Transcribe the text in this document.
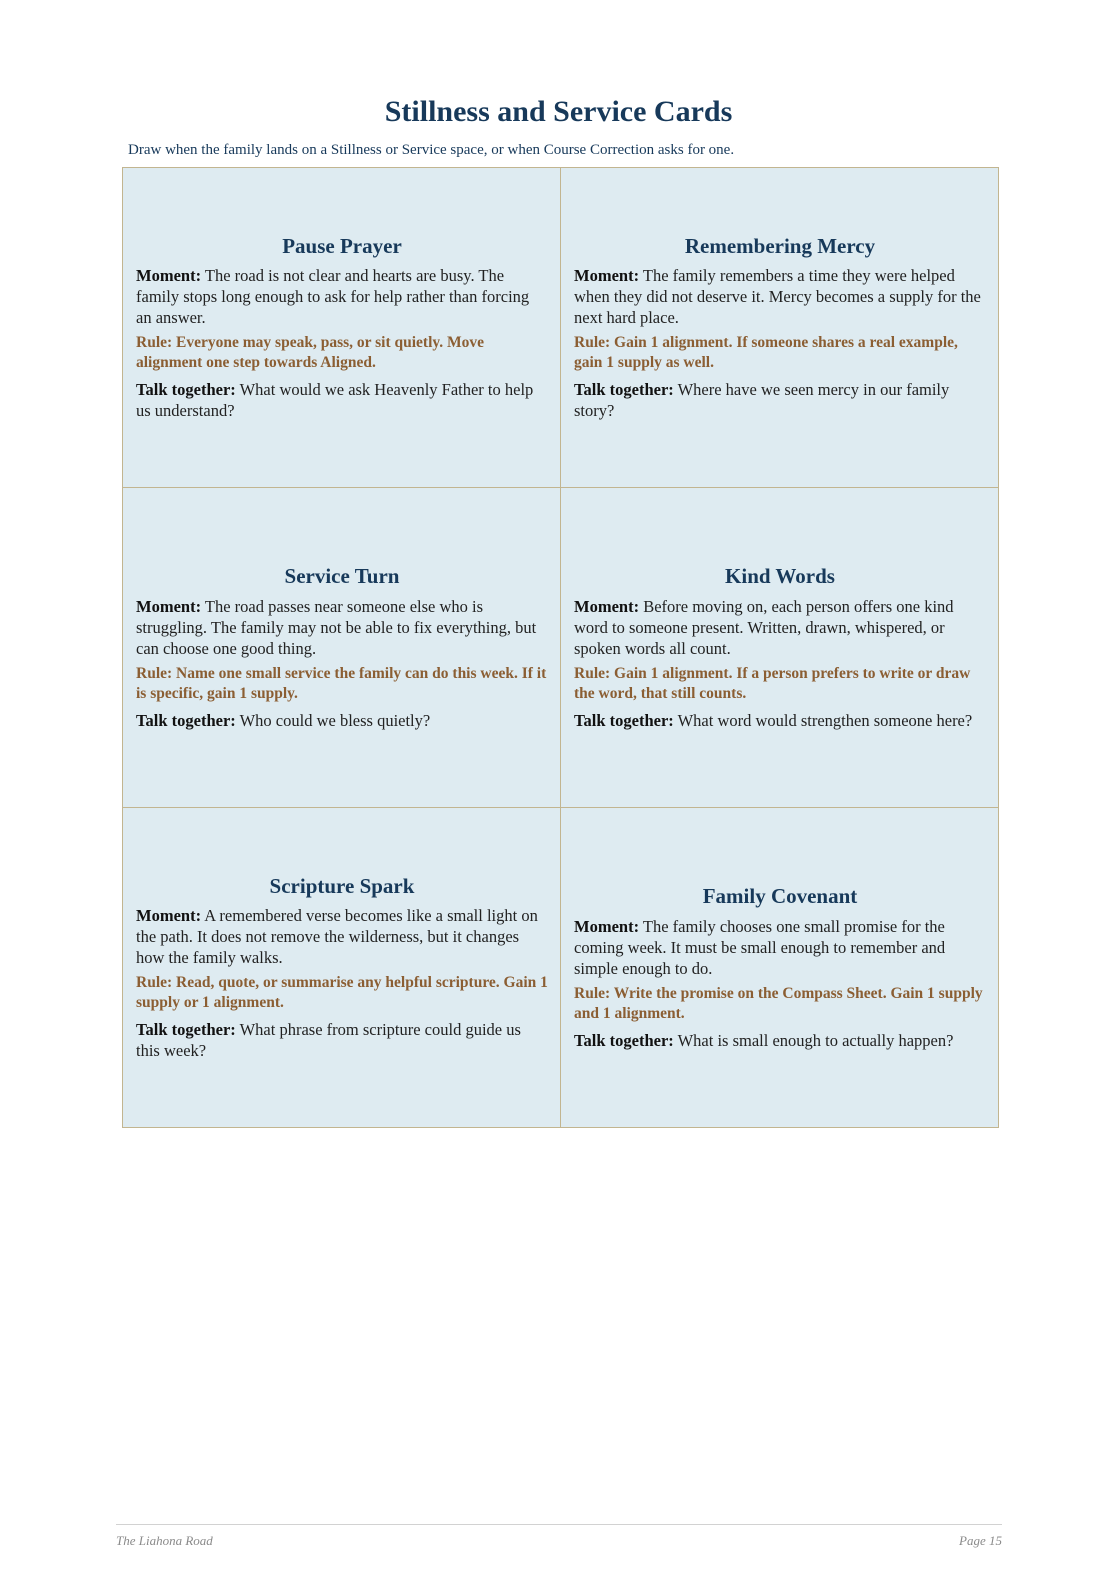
Stillness and Service Cards

Draw when the family lands on a Stillness or Service space, or when Course Correction asks for one.

Pause Prayer

Moment: The road is not clear and hearts are busy. The family stops long enough to ask for help rather than forcing an answer.

Rule: Everyone may speak, pass, or sit quietly. Move alignment one step towards Aligned.

Talk together: What would we ask Heavenly Father to help us understand?

Remembering Mercy

Moment: The family remembers a time they were helped when they did not deserve it. Mercy becomes a supply for the next hard place.

Rule: Gain 1 alignment. If someone shares a real example, gain 1 supply as well.

Talk together: Where have we seen mercy in our family story?

Service Turn

Moment: The road passes near someone else who is struggling. The family may not be able to fix everything, but can choose one good thing.

Rule: Name one small service the family can do this week. If it is specific, gain 1 supply.

Talk together: Who could we bless quietly?

Kind Words

Moment: Before moving on, each person offers one kind word to someone present. Written, drawn, whispered, or spoken words all count.

Rule: Gain 1 alignment. If a person prefers to write or draw the word, that still counts.

Talk together: What word would strengthen someone here?

Scripture Spark

Moment: A remembered verse becomes like a small light on the path. It does not remove the wilderness, but it changes how the family walks.

Rule: Read, quote, or summarise any helpful scripture. Gain 1 supply or 1 alignment.

Talk together: What phrase from scripture could guide us this week?

Family Covenant

Moment: The family chooses one small promise for the coming week. It must be small enough to remember and simple enough to do.

Rule: Write the promise on the Compass Sheet. Gain 1 supply and 1 alignment.

Talk together: What is small enough to actually happen?

The Liahona Road	Page 15
